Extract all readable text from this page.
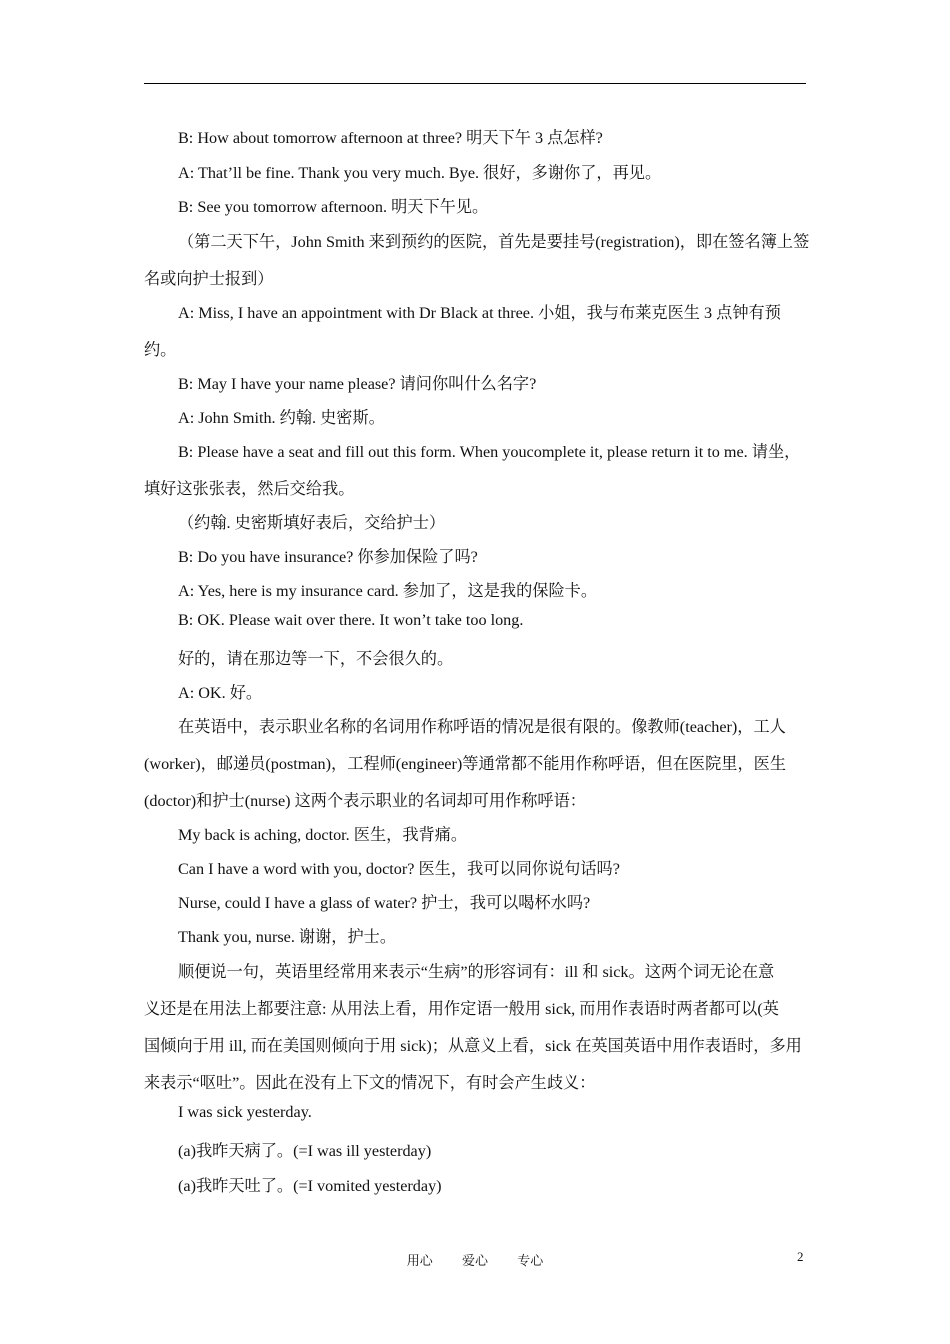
B: How about tomorrow afternoon at three? 明天下午 3 点怎样?

A: That’ll be fine. Thank you very much. Bye. 很好，多谢你了，再见。

B: See you tomorrow afternoon. 明天下午见。

（第二天下午，John Smith 来到预约的医院，首先是要挂号(registration)，即在签名簿上签

名或向护士报到）

A: Miss, I have an appointment with Dr Black at three. 小姐，我与布莱克医生 3 点钟有预

约。

B: May I have your name please? 请问你叫什么名字?

A: John Smith. 约翰. 史密斯。

B: Please have a seat and fill out this form. When youcomplete it, please return it to me. 请坐，

填好这张张表，然后交给我。

（约翰. 史密斯填好表后，交给护士）

B: Do you have insurance? 你参加保险了吗?

A: Yes, here is my insurance card. 参加了，这是我的保险卡。

B: OK. Please wait over there. It won’t take too long.

好的，请在那边等一下，不会很久的。

A: OK. 好。

在英语中，表示职业名称的名词用作称呼语的情况是很有限的。像教师(teacher)，工人

(worker)，邮递员(postman)，工程师(engineer)等通常都不能用作称呼语，但在医院里，医生

(doctor)和护士(nurse) 这两个表示职业的名词却可用作称呼语：

My back is aching, doctor. 医生，我背痛。

Can I have a word with you, doctor? 医生，我可以同你说句话吗?

Nurse, could I have a glass of water? 护士，我可以喝杯水吗?

Thank you, nurse. 谢谢，护士。

顺便说一句，英语里经常用来表示“生病”的形容词有：ill 和 sick。这两个词无论在意

义还是在用法上都要注意: 从用法上看，用作定语一般用 sick, 而用作表语时两者都可以(英

国倾向于用 ill, 而在美国则倾向于用 sick)；从意义上看，sick 在英国英语中用作表语时，多用

来表示“呕吐”。因此在没有上下文的情况下，有时会产生歧义：

I was sick yesterday.

(a)我昨天病了。(=I was ill yesterday)

(a)我昨天吐了。(=I vomited yesterday)

用心 爱心 专心	2
